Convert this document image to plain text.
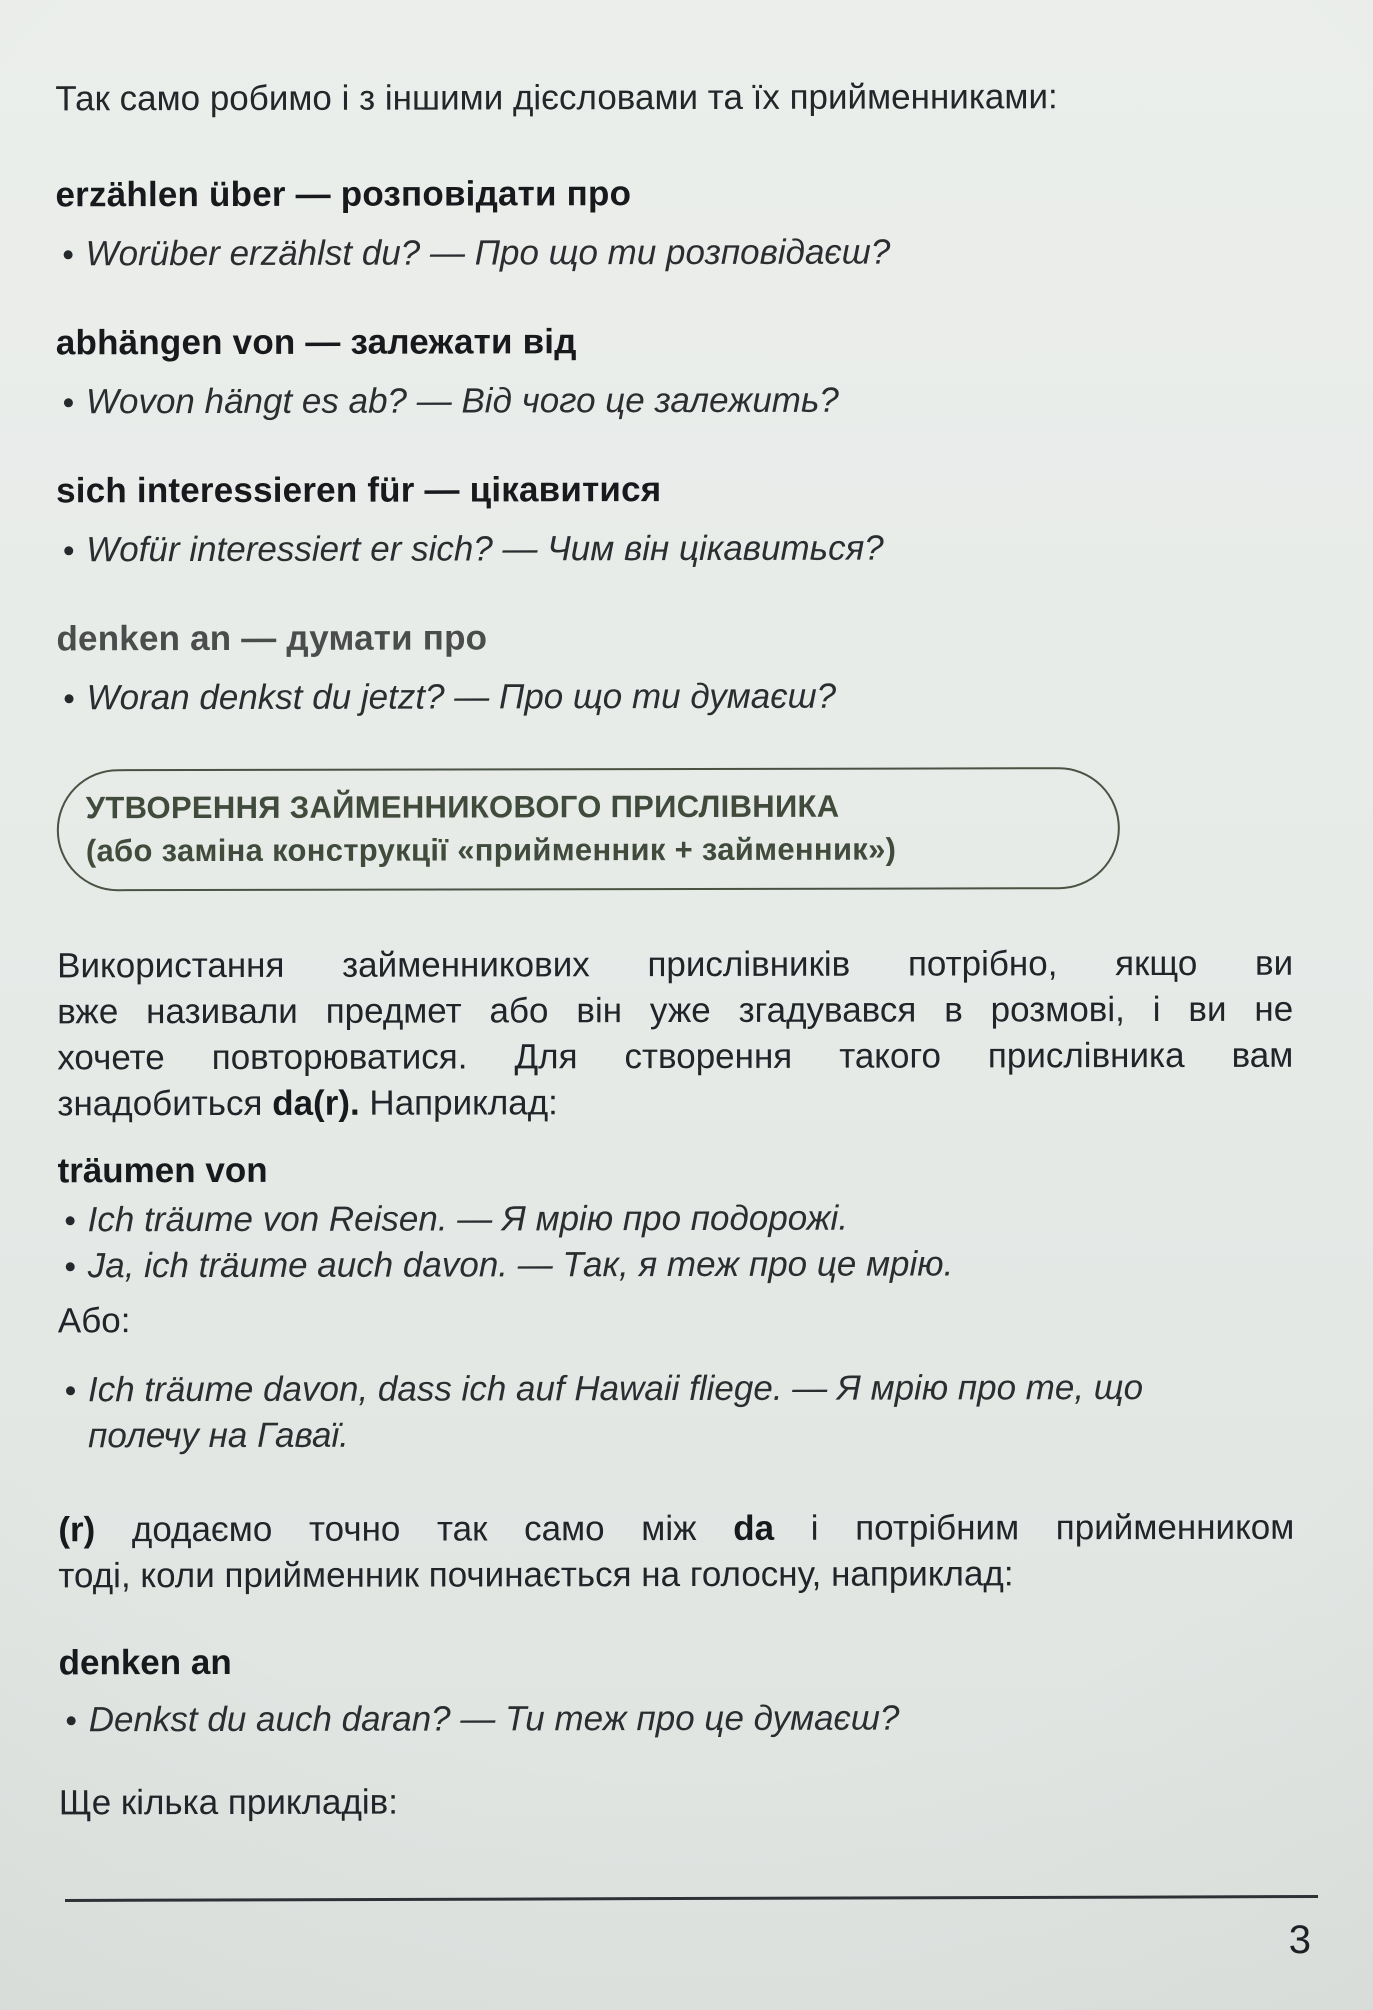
Так само робимо і з іншими дієсловами та їх прийменниками:

erzählen über — розповідати про
Worüber erzählst du? — Про що ти розповідаєш?
abhängen von — залежати від
Wovon hängt es ab? — Від чого це залежить?
sich interessieren für — цікавитися
Wofür interessiert er sich? — Чим він цікавиться?
denken an — думати про
Woran denkst du jetzt? — Про що ти думаєш?
УТВОРЕННЯ ЗАЙМЕННИКОВОГО ПРИСЛІВНИКА
(або заміна конструкції «прийменник + займенник»)
Використання займенникових прислівників потрібно, якщо ви
вже називали предмет або він уже згадувався в розмові, і ви не
хочете повторюватися. Для створення такого прислівника вам
знадобиться da(r). Наприклад:
träumen von
Ich träume von Reisen. — Я мрію про подорожі.
Ja, ich träume auch davon. — Так, я теж про це мрію.

Або:

Ich träume davon, dass ich auf Hawaii fliege. — Я мрію про те, що
полечу на Гаваї.
(r) додаємо точно так само між da і потрібним прийменником
тоді, коли прийменник починається на голосну, наприклад:
denken an
Denkst du auch daran? — Ти теж про це думаєш?

Ще кілька прикладів:

3
